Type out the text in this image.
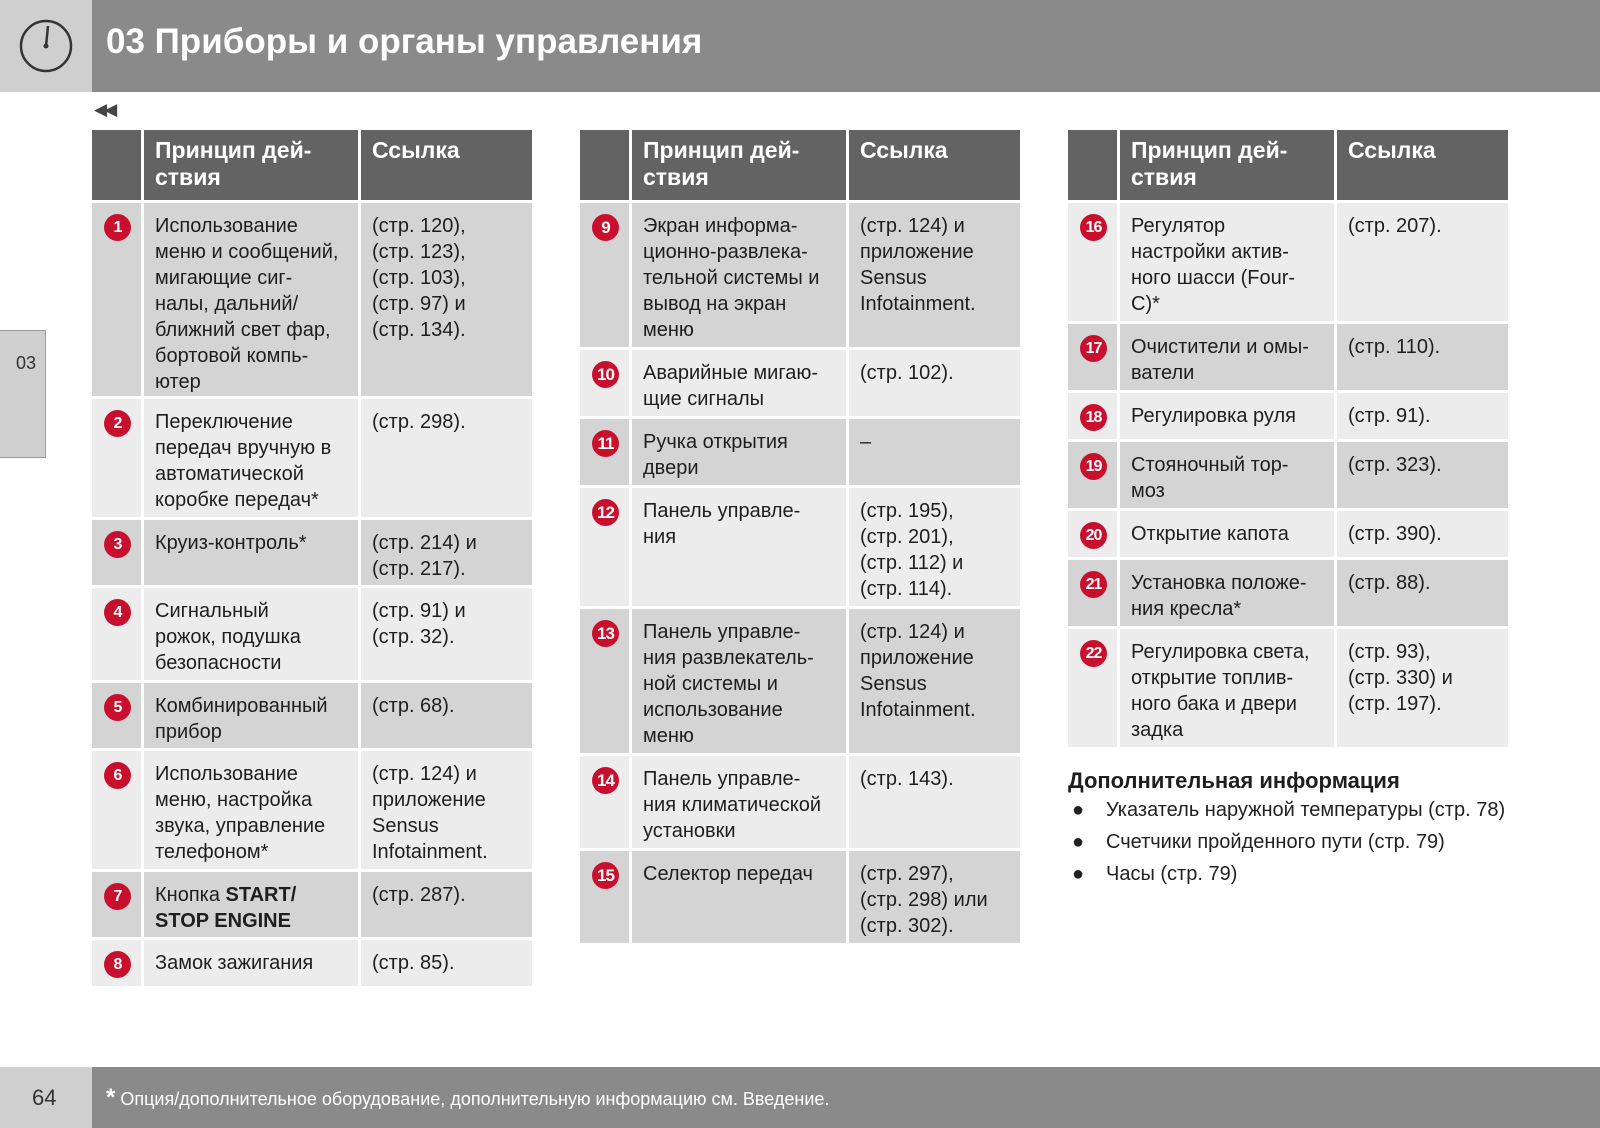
03 Приборы и органы управления
◀◀
03
Принцип дей-
ствия
Ссылка
1	Использование меню и сообщений, мигающие сиг-
налы, дальний/
ближний свет фар, бортовой компь-
ютер
(стр. 120),
(стр. 123),
(стр. 103),
(стр. 97) и
(стр. 134).
2	Переключение передач вручную в автоматической коробке передач*
(стр. 298).
3	Круиз-контроль*	(стр. 214) и
(стр. 217).
4	Сигнальный
рожок, подушка безопасности
(стр. 91) и
(стр. 32).
5	Комбинированный прибор
(стр. 68).
6	Использование меню, настройка звука, управление телефоном*
(стр. 124) и приложение Sensus Infotainment.
7	Кнопка START/
STOP ENGINE
(стр. 287).
8	Замок зажигания	(стр. 85).
Принцип дей-
ствия
Ссылка
9	Экран информа-
ционно-развлека-
тельной системы и вывод на экран меню
(стр. 124) и приложение Sensus Infotainment.
10	Аварийные мигаю-
щие сигналы
(стр. 102).
11	Ручка открытия двери
–
12	Панель управле-
ния
(стр. 195),
(стр. 201),
(стр. 112) и
(стр. 114).
13	Панель управле-
ния развлекатель-
ной системы и использование меню
(стр. 124) и приложение Sensus Infotainment.
14	Панель управле-
ния климатической установки
(стр. 143).
15	Селектор передач	(стр. 297),
(стр. 298) или
(стр. 302).
Принцип дей-
ствия
Ссылка
16	Регулятор
настройки актив-
ного шасси (Four-
C)*
(стр. 207).
17	Очистители и омы-
ватели
(стр. 110).
18	Регулировка руля	(стр. 91).
19	Стояночный тор-
моз
(стр. 323).
20	Открытие капота	(стр. 390).
21	Установка положе-
ния кресла*
(стр. 88).
22	Регулировка света, открытие топлив-
ного бака и двери задка
(стр. 93),
(стр. 330) и
(стр. 197).
Дополнительная информация
● Указатель наружной температуры (стр. 78)
● Счетчики пройденного пути (стр. 79)
● Часы (стр. 79)
64 * Опция/дополнительное оборудование, дополнительную информацию см. Введение.
